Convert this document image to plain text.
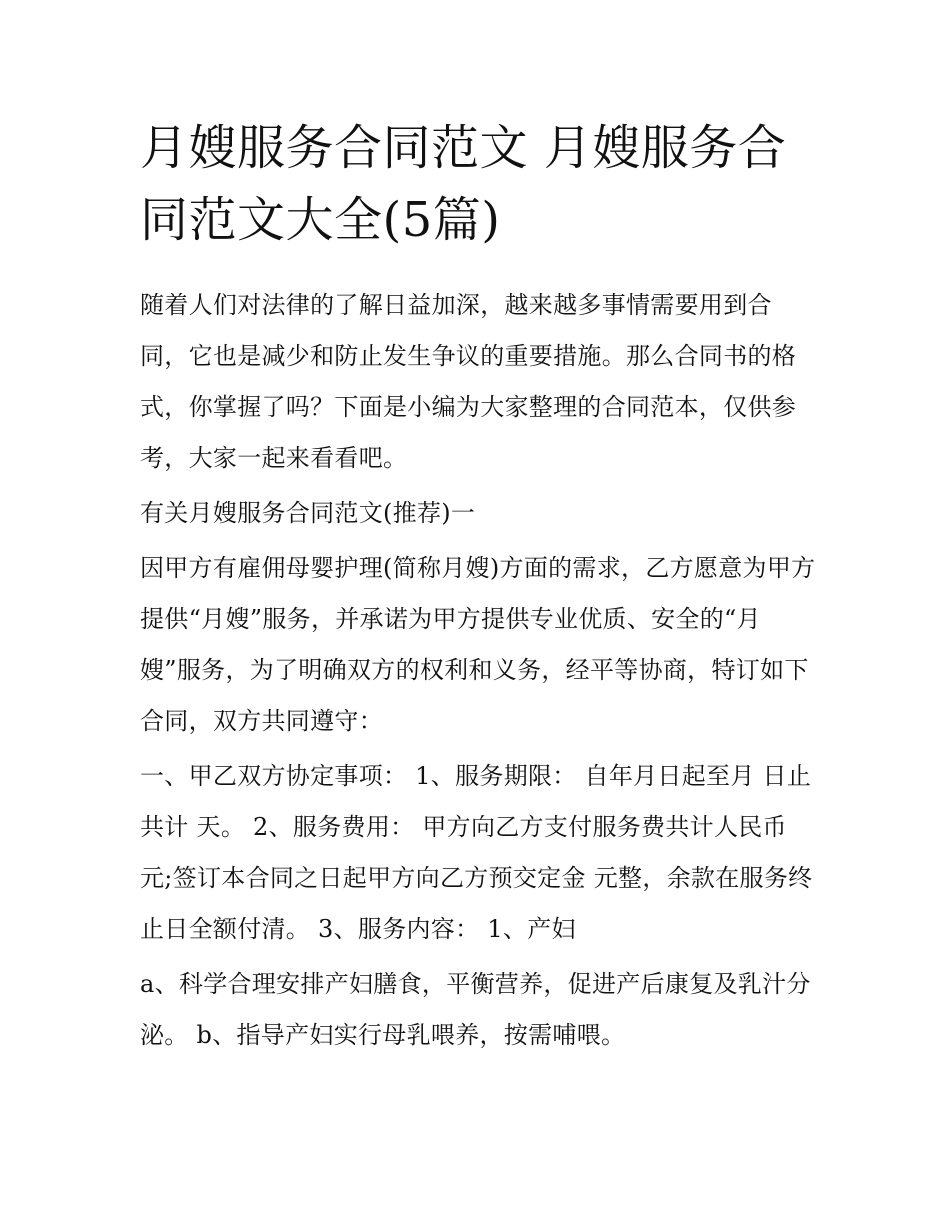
月嫂服务合同范文 月嫂服务合同范文大全(5篇)

随着人们对法律的了解日益加深，越来越多事情需要用到合同，它也是减少和防止发生争议的重要措施。那么合同书的格式，你掌握了吗？下面是小编为大家整理的合同范本，仅供参考，大家一起来看看吧。

有关月嫂服务合同范文(推荐)一

因甲方有雇佣母婴护理(简称月嫂)方面的需求，乙方愿意为甲方提供“月嫂”服务，并承诺为甲方提供专业优质、安全的“月嫂”服务，为了明确双方的权利和义务，经平等协商，特订如下合同，双方共同遵守：

一、甲乙双方协定事项： 1、服务期限： 自年月日起至月 日止共计 天。 2、服务费用： 甲方向乙方支付服务费共计人民币

元;签订本合同之日起甲方向乙方预交定金 元整，余款在服务终止日全额付清。 3、服务内容： 1、产妇

a、科学合理安排产妇膳食，平衡营养，促进产后康复及乳汁分泌。 b、指导产妇实行母乳喂养，按需哺喂。
